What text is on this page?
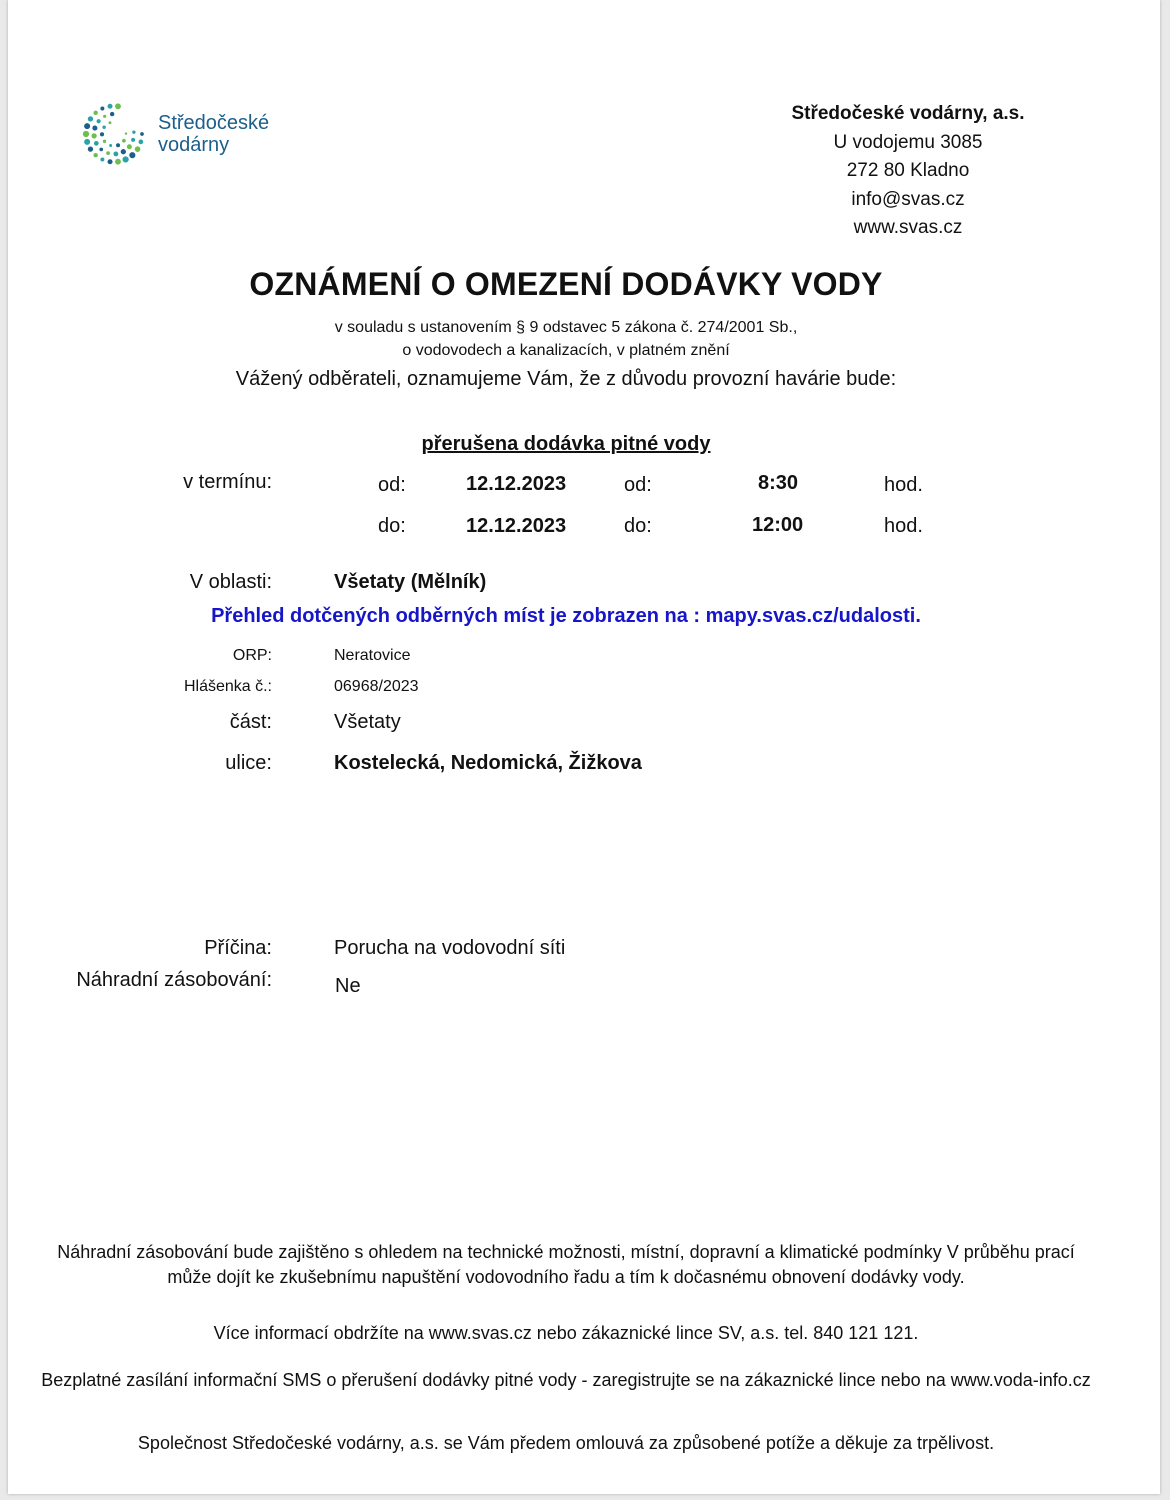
Středočeské
vodárny
Středočeské vodárny, a.s.
U vodojemu 3085
272 80 Kladno
info@svas.cz
www.svas.cz
OZNÁMENÍ O OMEZENÍ DODÁVKY VODY
v souladu s ustanovením § 9 odstavec 5 zákona č. 274/2001 Sb.,
o vodovodech a kanalizacích, v platném znění
Vážený odběrateli, oznamujeme Vám, že z důvodu provozní havárie bude:
přerušena dodávka pitné vody
v termínu:	od:	12.12.2023	od:	8:30	hod.
do:	12.12.2023	do:	12:00	hod.
V oblasti:	Všetaty (Mělník)
Přehled dotčených odběrných míst je zobrazen na : mapy.svas.cz/udalosti.
ORP:	Neratovice
Hlášenka č.:	06968/2023
část:	Všetaty
ulice:	Kostelecká, Nedomická, Žižkova
Příčina:	Porucha na vodovodní síti
Náhradní zásobování:	Ne
Náhradní zásobování bude zajištěno s ohledem na technické možnosti, místní, dopravní a klimatické podmínky V průběhu prací může dojít ke zkušebnímu napuštění vodovodního řadu a tím k dočasnému obnovení dodávky vody.
Více informací obdržíte na www.svas.cz nebo zákaznické lince SV, a.s. tel. 840 121 121.
Bezplatné zasílání informační SMS o přerušení dodávky pitné vody - zaregistrujte se na zákaznické lince nebo na www.voda-info.cz
Společnost Středočeské vodárny, a.s. se Vám předem omlouvá za způsobené potíže a děkuje za trpělivost.
